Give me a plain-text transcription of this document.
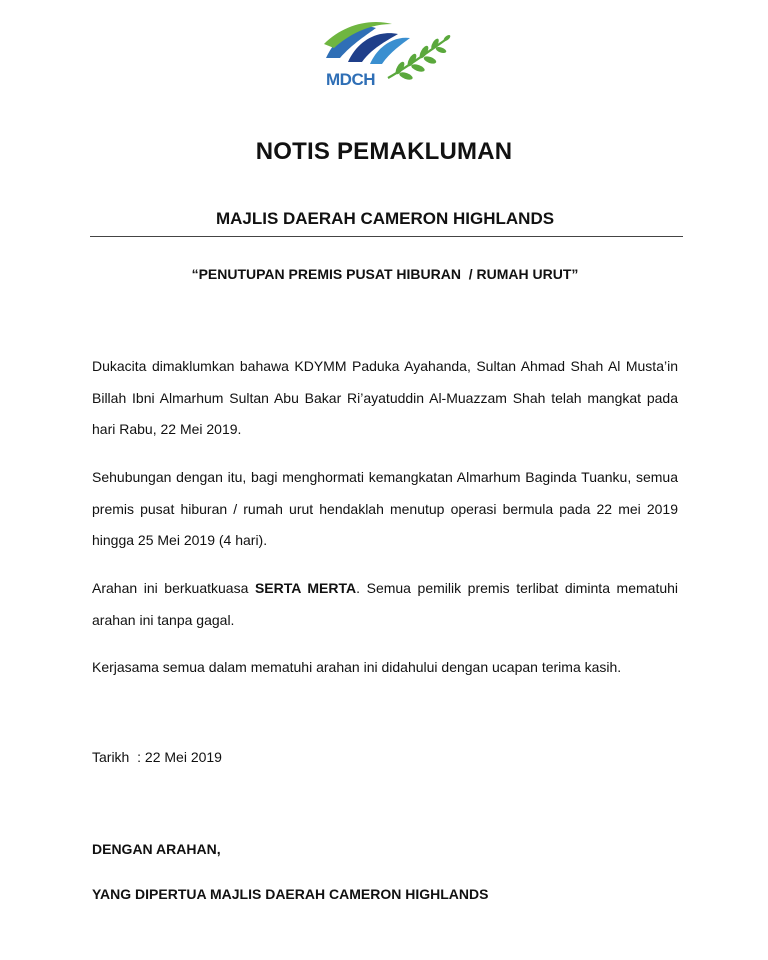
MDCH
NOTIS PEMAKLUMAN
MAJLIS DAERAH CAMERON HIGHLANDS
“PENUTUPAN PREMIS PUSAT HIBURAN  / RUMAH URUT”

Dukacita dimaklumkan bahawa KDYMM Paduka Ayahanda, Sultan Ahmad Shah Al Musta’in Billah Ibni Almarhum Sultan Abu Bakar Ri’ayatuddin Al-Muazzam Shah telah mangkat pada hari Rabu, 22 Mei 2019.

Sehubungan dengan itu, bagi menghormati kemangkatan Almarhum Baginda Tuanku, semua premis pusat hiburan / rumah urut hendaklah menutup operasi bermula pada 22 mei 2019 hingga 25 Mei 2019 (4 hari).

Arahan ini berkuatkuasa SERTA MERTA. Semua pemilik premis terlibat diminta mematuhi arahan ini tanpa gagal.

Kerjasama semua dalam mematuhi arahan ini didahului dengan ucapan terima kasih.

Tarikh  : 22 Mei 2019
DENGAN ARAHAN,
YANG DIPERTUA MAJLIS DAERAH CAMERON HIGHLANDS
